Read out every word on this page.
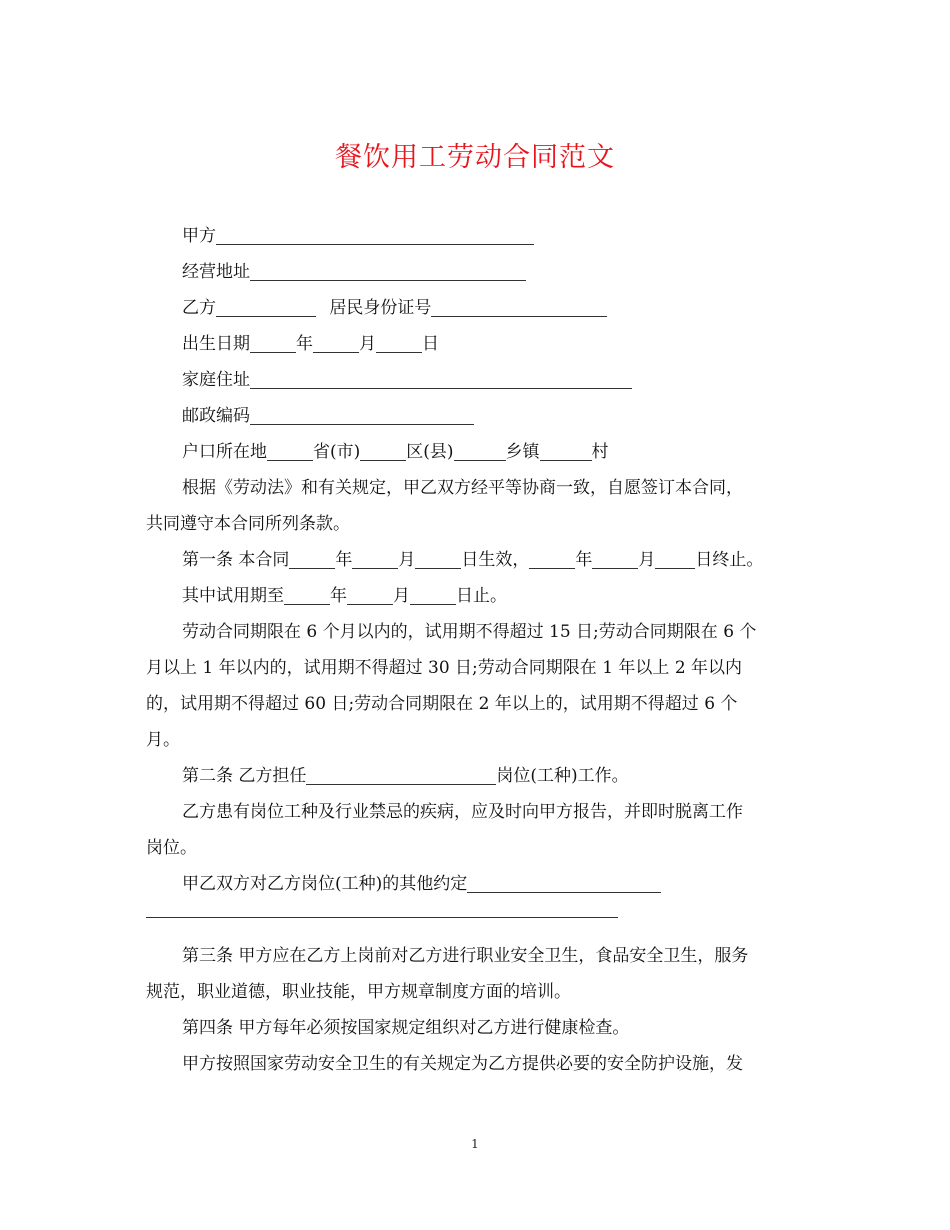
餐饮用工劳动合同范文
甲方
经营地址
乙方	居民身份证号
出生日期	年	月	日
家庭住址
邮政编码
户口所在地	省(市)	区(县)	乡镇	村
根据《劳动法》和有关规定，甲乙双方经平等协商一致，自愿签订本合同，
共同遵守本合同所列条款。
第一条 本合同	年	月	日生效，	年	月 日终止。
其中试用期至	年	月	日止。
劳动合同期限在 6 个月以内的，试用期不得超过 15 日;劳动合同期限在 6 个
月以上 1 年以内的，试用期不得超过 30 日;劳动合同期限在 1 年以上 2 年以内
的，试用期不得超过 60 日;劳动合同期限在 2 年以上的，试用期不得超过 6 个
月。
第二条 乙方担任	岗位(工种)工作。
乙方患有岗位工种及行业禁忌的疾病，应及时向甲方报告，并即时脱离工作
岗位。
甲乙双方对乙方岗位(工种)的其他约定
第三条 甲方应在乙方上岗前对乙方进行职业安全卫生，食品安全卫生，服务
规范，职业道德，职业技能，甲方规章制度方面的培训。
第四条 甲方每年必须按国家规定组织对乙方进行健康检查。
甲方按照国家劳动安全卫生的有关规定为乙方提供必要的安全防护设施，发
1
